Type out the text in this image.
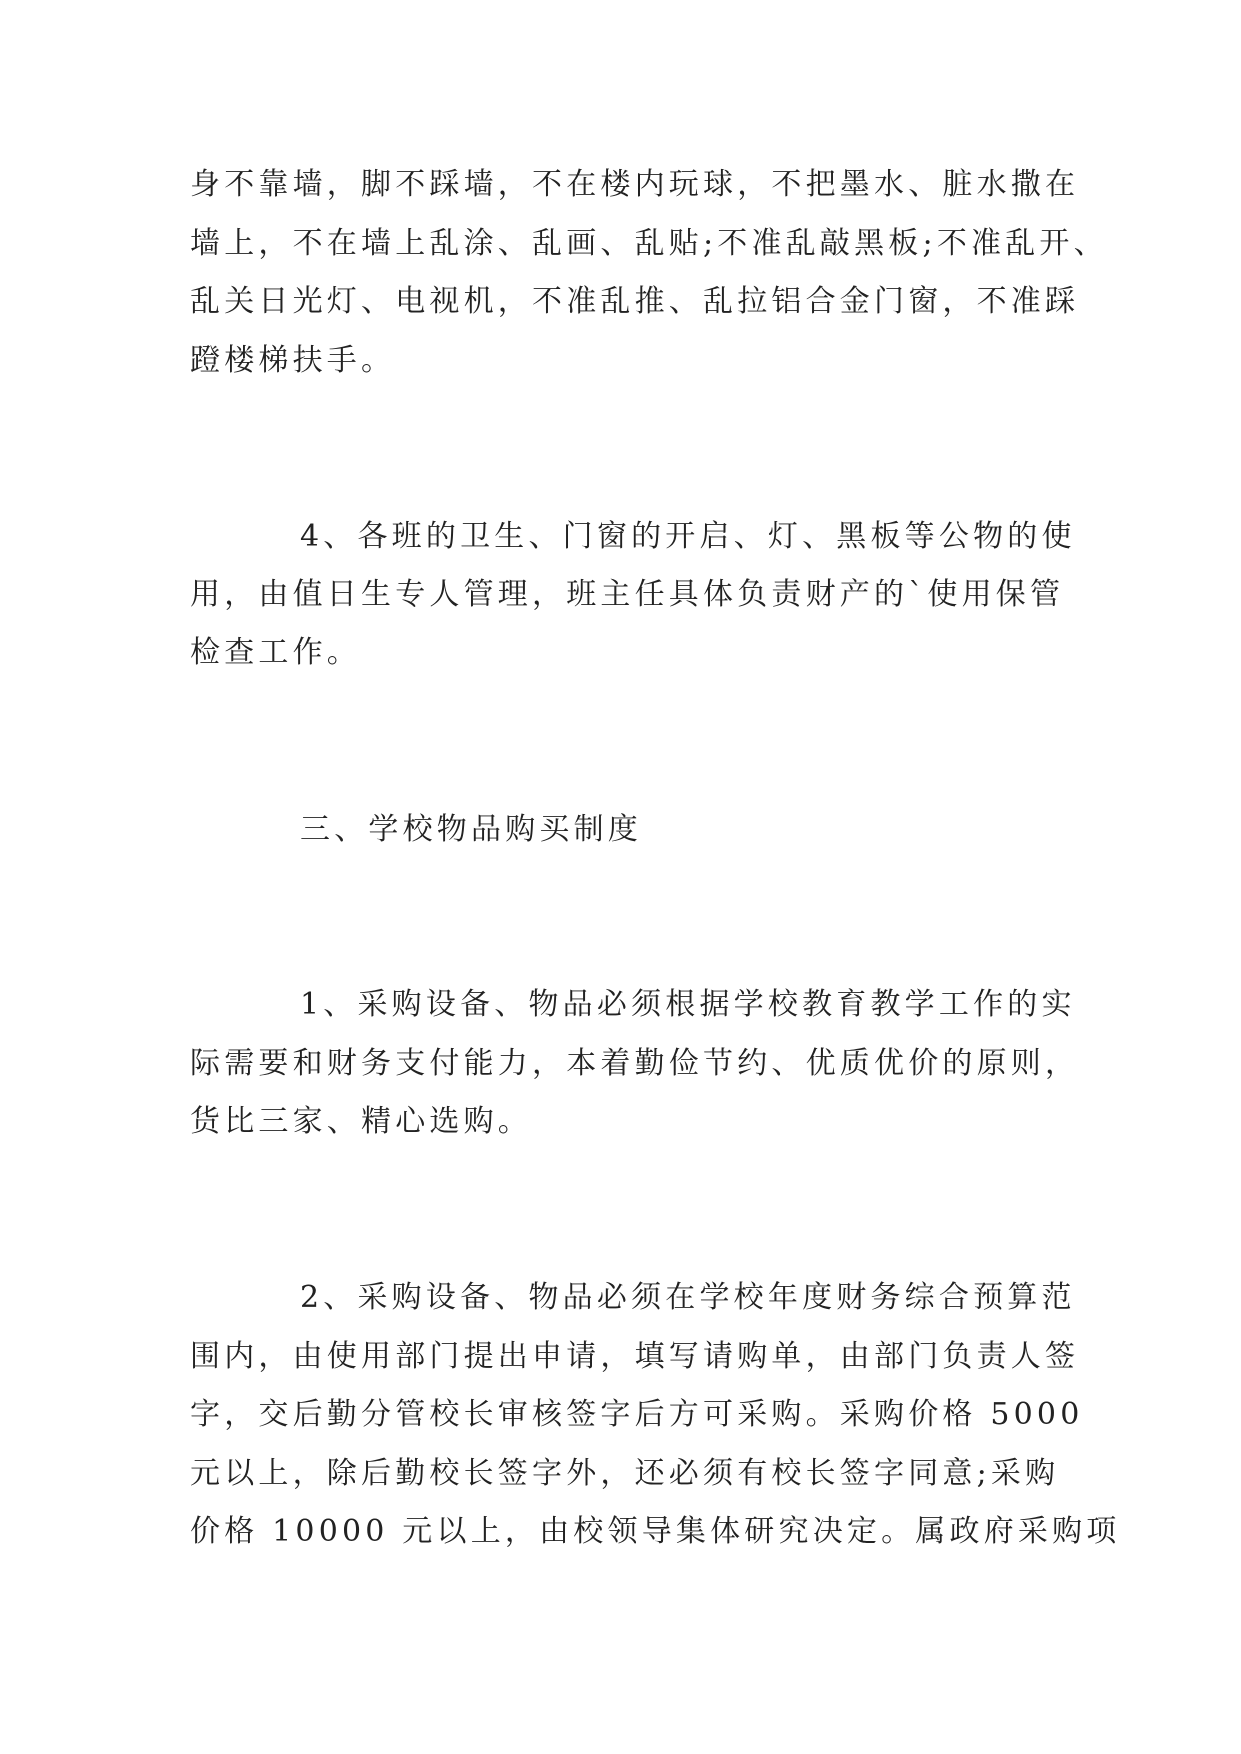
身不靠墙，脚不踩墙，不在楼内玩球，不把墨水、脏水撒在

墙上，不在墙上乱涂、乱画、乱贴;不准乱敲黑板;不准乱开、

乱关日光灯、电视机，不准乱推、乱拉铝合金门窗，不准踩

蹬楼梯扶手。

4、各班的卫生、门窗的开启、灯、黑板等公物的使

用，由值日生专人管理，班主任具体负责财产的`使用保管

检查工作。

三、学校物品购买制度

1、采购设备、物品必须根据学校教育教学工作的实

际需要和财务支付能力，本着勤俭节约、优质优价的原则，

货比三家、精心选购。

2、采购设备、物品必须在学校年度财务综合预算范

围内，由使用部门提出申请，填写请购单，由部门负责人签

字，交后勤分管校长审核签字后方可采购。采购价格 5000

元以上，除后勤校长签字外，还必须有校长签字同意;采购

价格 10000 元以上，由校领导集体研究决定。属政府采购项
